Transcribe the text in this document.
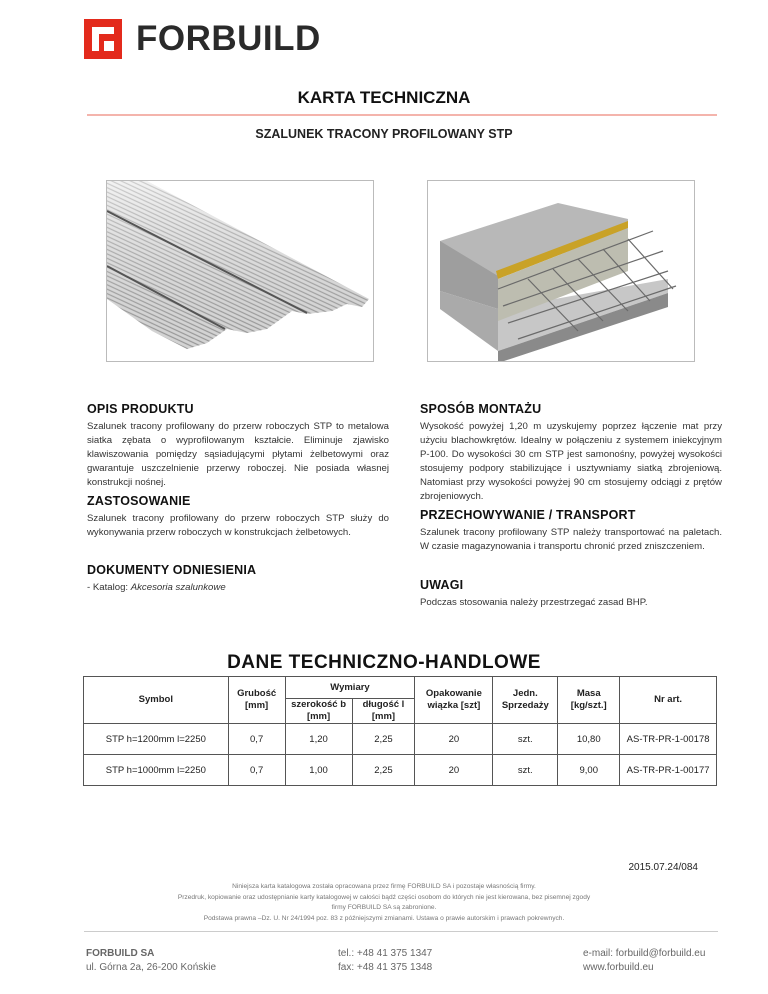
FORBUILD
KARTA TECHNICZNA
SZALUNEK TRACONY PROFILOWANY STP
OPIS PRODUKTU

Szalunek tracony profilowany do przerw roboczych STP to metalowa siatka zębata o wyprofilowanym kształcie. Eliminuje zjawisko klawiszowania pomiędzy sąsiadującymi płytami żelbetowymi oraz gwarantuje uszczelnienie przerwy roboczej. Nie posiada własnej konstrukcji nośnej.

SPOSÓB MONTAŻU

Wysokość powyżej 1,20 m uzyskujemy poprzez łączenie mat przy użyciu blachowkrętów. Idealny w połączeniu z systemem iniekcyjnym P-100. Do wysokości 30 cm STP jest samonośny, powyżej wysokości stosujemy podpory stabilizujące i usztywniamy siatką zbrojeniową. Natomiast przy wysokości powyżej 90 cm stosujemy odciągi z prętów zbrojeniowych.

ZASTOSOWANIE

Szalunek tracony profilowany do przerw roboczych STP służy do wykonywania przerw roboczych w konstrukcjach żelbetowych.

PRZECHOWYWANIE / TRANSPORT

Szalunek tracony profilowany STP należy transportować na paletach. W czasie magazynowania i transportu chronić przed zniszczeniem.

DOKUMENTY ODNIESIENIA

- Katalog: Akcesoria szalunkowe	UWAGI

Podczas stosowania należy przestrzegać zasad BHP.

DANE TECHNICZNO-HANDLOWE
Symbol	Grubość [mm]	Wymiary		Opakowanie wiązka [szt]	Jedn. Sprzedaży	Masa [kg/szt.]	Nr art.
		szerokość b [mm]	długość l [mm]				
STP h=1200mm l=2250	0,7	1,20	2,25	20	szt.	10,80	AS-TR-PR-1-00178
STP h=1000mm l=2250	0,7	1,00	2,25	20	szt.	9,00	AS-TR-PR-1-00177
2015.07.24/084
Niniejsza karta katalogowa została opracowana przez firmę FORBUILD SA i pozostaje własnością firmy.
Przedruk, kopiowanie oraz udostępnianie karty katalogowej w całości bądź części osobom do których nie jest kierowana, bez pisemnej zgody
firmy FORBUILD SA są zabronione.
Podstawa prawna –Dz. U. Nr 24/1994 poz. 83 z późniejszymi zmianami. Ustawa o prawie autorskim i prawach pokrewnych.
FORBUILD SA
ul. Górna 2a, 26-200 Końskie
tel.: +48 41 375 1347
fax: +48 41 375 1348
e-mail: forbuild@forbuild.eu
www.forbuild.eu
